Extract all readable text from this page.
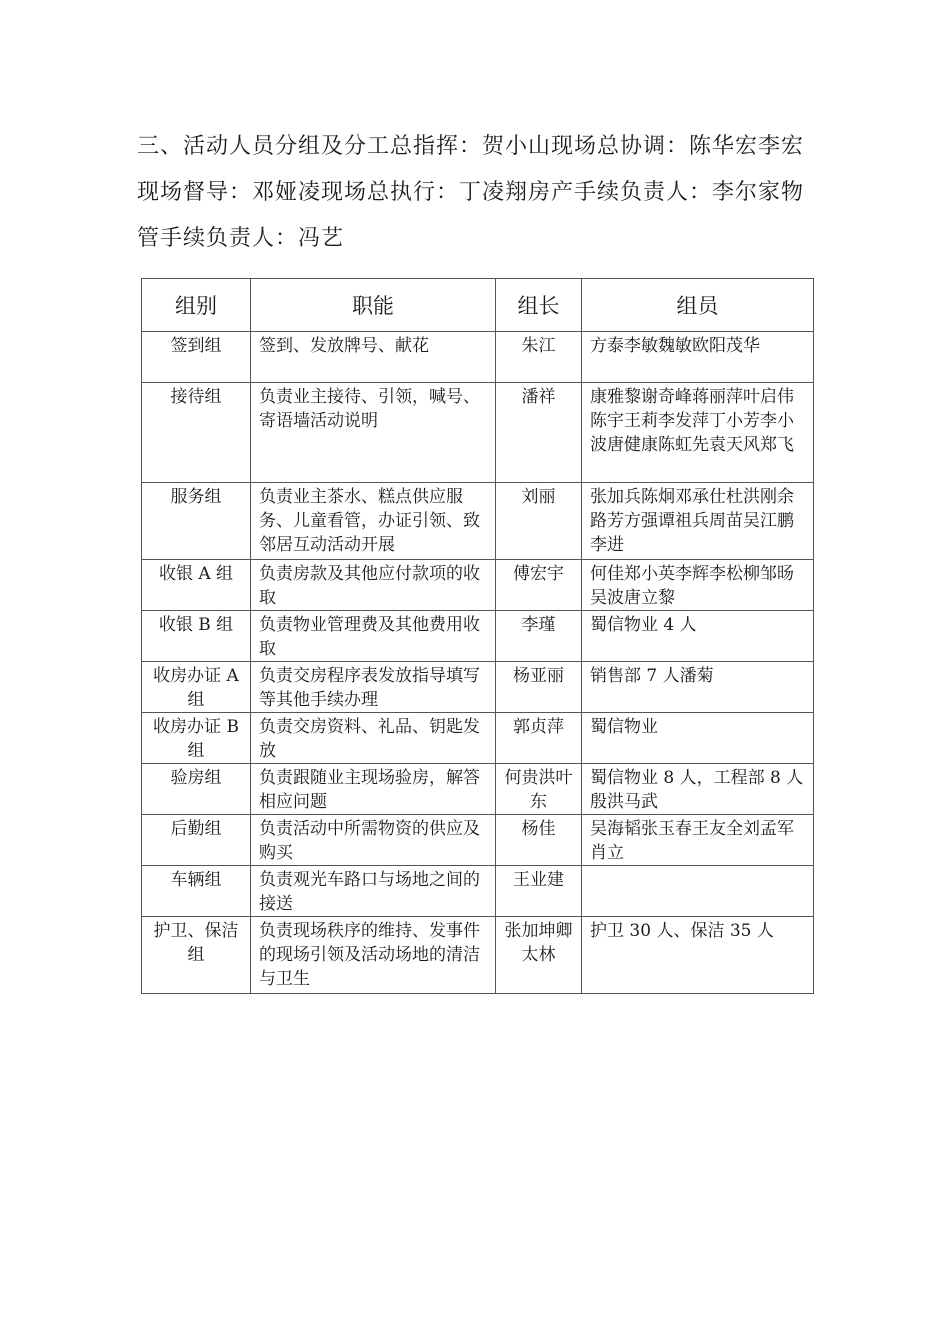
三、活动人员分组及分工总指挥：贺小山现场总协调：陈华宏李宏现场督导：邓娅凌现场总执行：丁凌翔房产手续负责人：李尔家物管手续负责人：冯艺

组别	职能	组长	组员
签到组	签到、发放牌号、献花	朱江	方泰李敏魏敏欧阳茂华
接待组	负责业主接待、引领，喊号、寄语墙活动说明	潘祥	康雅黎谢奇峰蒋丽萍叶启伟陈宇王莉李发萍丁小芳李小波唐健康陈虹先袁天风郑飞
服务组	负责业主茶水、糕点供应服务、儿童看管，办证引领、致邻居互动活动开展	刘丽	张加兵陈炯邓承仕杜洪刚余路芳方强谭祖兵周苗吴江鹏李进
收银 A 组	负责房款及其他应付款项的收取	傅宏宇	何佳郑小英李辉李松柳邹旸吴波唐立黎
收银 B 组	负责物业管理费及其他费用收取	李瑾	蜀信物业 4 人
收房办证 A 组	负责交房程序表发放指导填写等其他手续办理	杨亚丽	销售部 7 人潘菊
收房办证 B 组	负责交房资料、礼品、钥匙发放	郭贞萍	蜀信物业
验房组	负责跟随业主现场验房，解答相应问题	何贵洪叶东	蜀信物业 8 人，工程部 8 人殷洪马武
后勤组	负责活动中所需物资的供应及购买	杨佳	吴海韬张玉春王友全刘孟军肖立
车辆组	负责观光车路口与场地之间的接送	王业建	
护卫、保洁组	负责现场秩序的维持、发事件的现场引领及活动场地的清洁与卫生	张加坤卿太林	护卫 30 人、保洁 35 人
